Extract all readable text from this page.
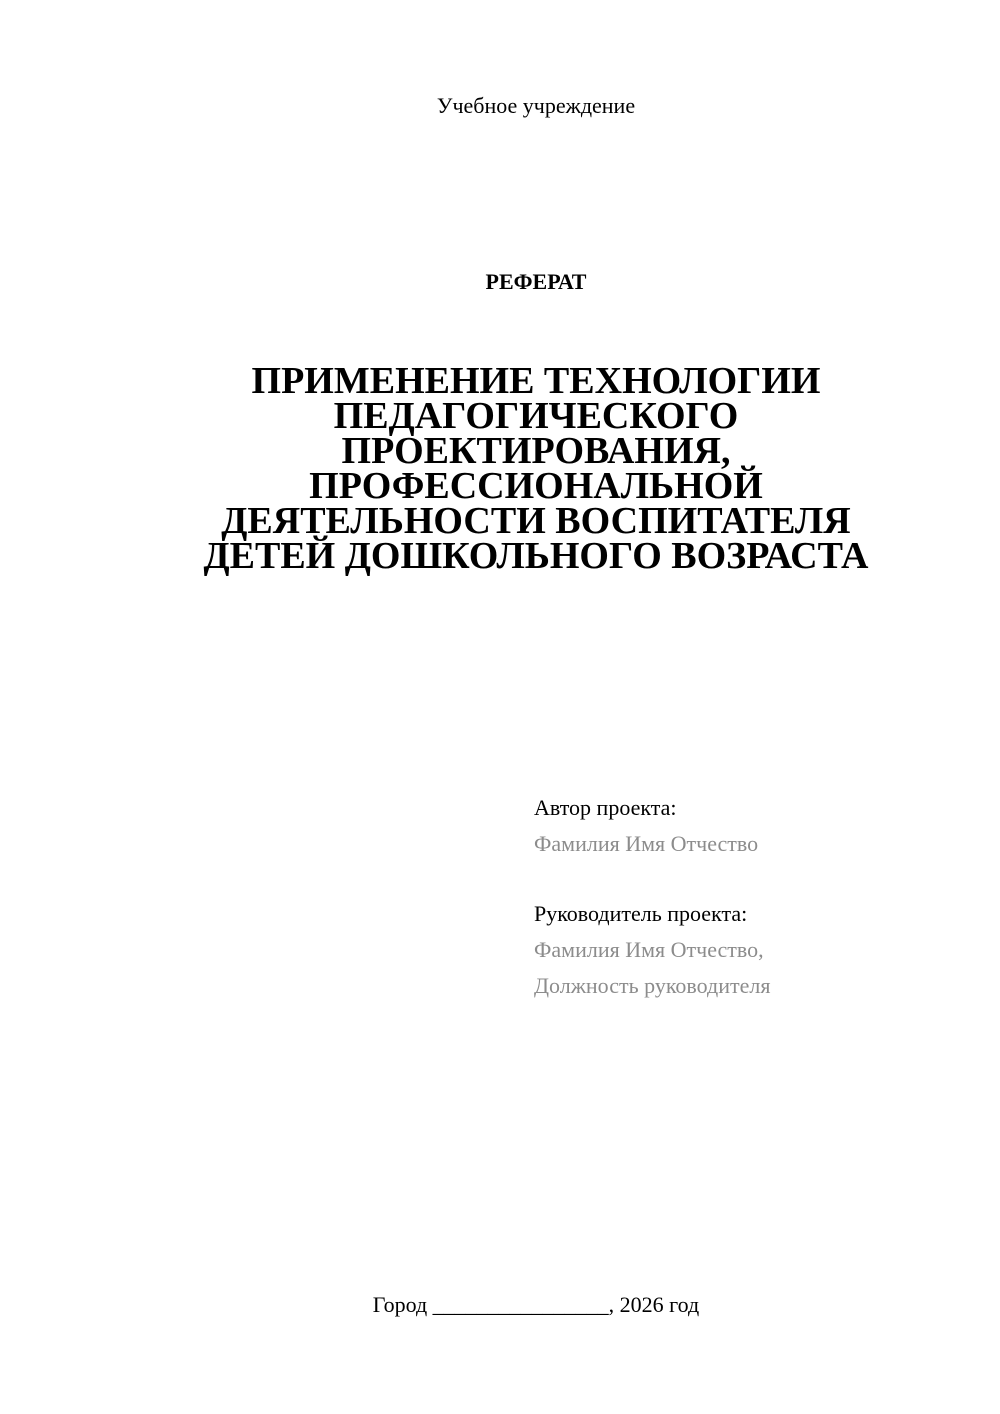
Учебное учреждение
РЕФЕРАТ
ПРИМЕНЕНИЕ ТЕХНОЛОГИИ
ПЕДАГОГИЧЕСКОГО
ПРОЕКТИРОВАНИЯ,
ПРОФЕССИОНАЛЬНОЙ
ДЕЯТЕЛЬНОСТИ ВОСПИТАТЕЛЯ
ДЕТЕЙ ДОШКОЛЬНОГО ВОЗРАСТА
Автор проекта:
Фамилия Имя Отчество
Руководитель проекта:
Фамилия Имя Отчество,
Должность руководителя
Город ________________, 2026 год
